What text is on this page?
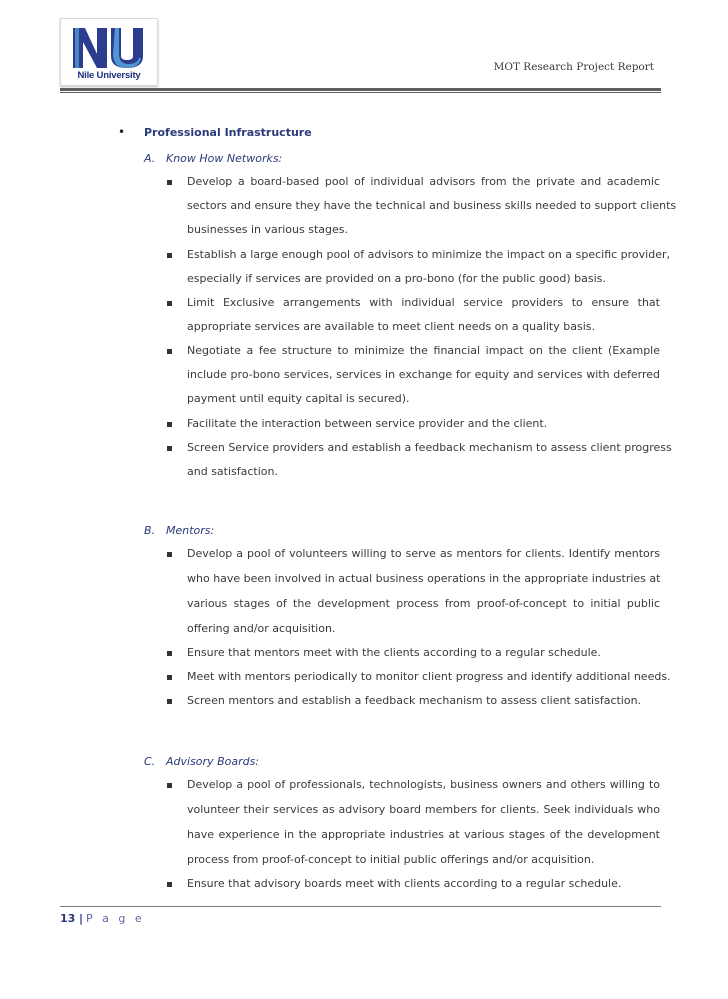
Nile University
MOT Research Project Report
• Professional Infrastructure
A. Know How Networks:
Develop a board-based pool of individual advisors from the private and academic
sectors and ensure they have the technical and business skills needed to support clients
businesses in various stages.
Establish a large enough pool of advisors to minimize the impact on a specific provider,
especially if services are provided on a pro-bono (for the public good) basis.
Limit Exclusive arrangements with individual service providers to ensure that
appropriate services are available to meet client needs on a quality basis.
Negotiate a fee structure to minimize the financial impact on the client (Example
include pro-bono services, services in exchange for equity and services with deferred
payment until equity capital is secured).
Facilitate the interaction between service provider and the client.
Screen Service providers and establish a feedback mechanism to assess client progress
and satisfaction.
B. Mentors:
Develop a pool of volunteers willing to serve as mentors for clients. Identify mentors
who have been involved in actual business operations in the appropriate industries at
various stages of the development process from proof-of-concept to initial public
offering and/or acquisition.
Ensure that mentors meet with the clients according to a regular schedule.
Meet with mentors periodically to monitor client progress and identify additional needs.
Screen mentors and establish a feedback mechanism to assess client satisfaction.
C. Advisory Boards:
Develop a pool of professionals, technologists, business owners and others willing to
volunteer their services as advisory board members for clients. Seek individuals who
have experience in the appropriate industries at various stages of the development
process from proof-of-concept to initial public offerings and/or acquisition.
Ensure that advisory boards meet with clients according to a regular schedule.
13 | P a g e
